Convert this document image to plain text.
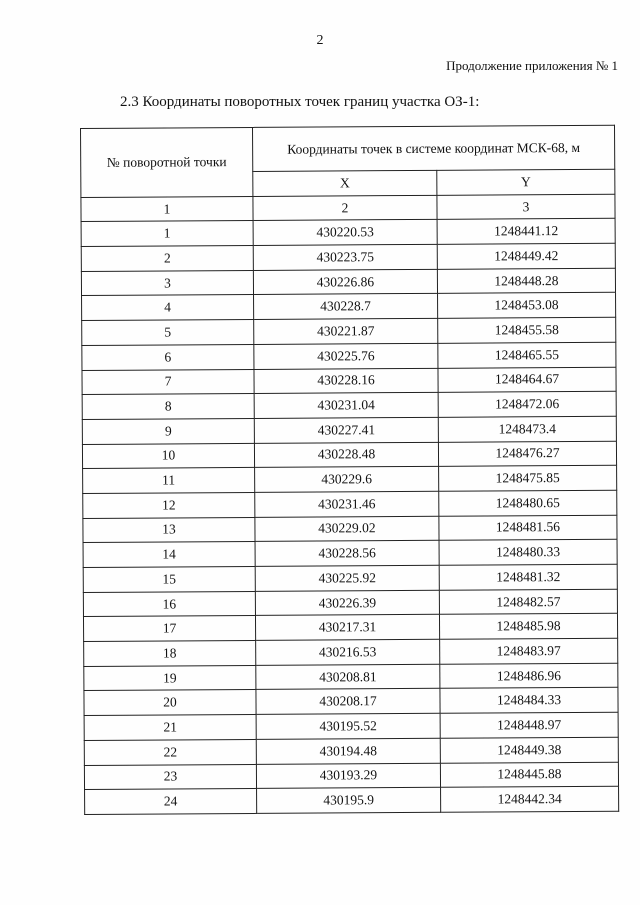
2
Продолжение приложения № 1
2.3 Координаты поворотных точек границ участка ОЗ-1:
№ поворотной точки	Координаты точек в системе координат МСК-68, м	
	X	Y
1	2	3
1	430220.53	1248441.12
2	430223.75	1248449.42
3	430226.86	1248448.28
4	430228.7	1248453.08
5	430221.87	1248455.58
6	430225.76	1248465.55
7	430228.16	1248464.67
8	430231.04	1248472.06
9	430227.41	1248473.4
10	430228.48	1248476.27
11	430229.6	1248475.85
12	430231.46	1248480.65
13	430229.02	1248481.56
14	430228.56	1248480.33
15	430225.92	1248481.32
16	430226.39	1248482.57
17	430217.31	1248485.98
18	430216.53	1248483.97
19	430208.81	1248486.96
20	430208.17	1248484.33
21	430195.52	1248448.97
22	430194.48	1248449.38
23	430193.29	1248445.88
24	430195.9	1248442.34
